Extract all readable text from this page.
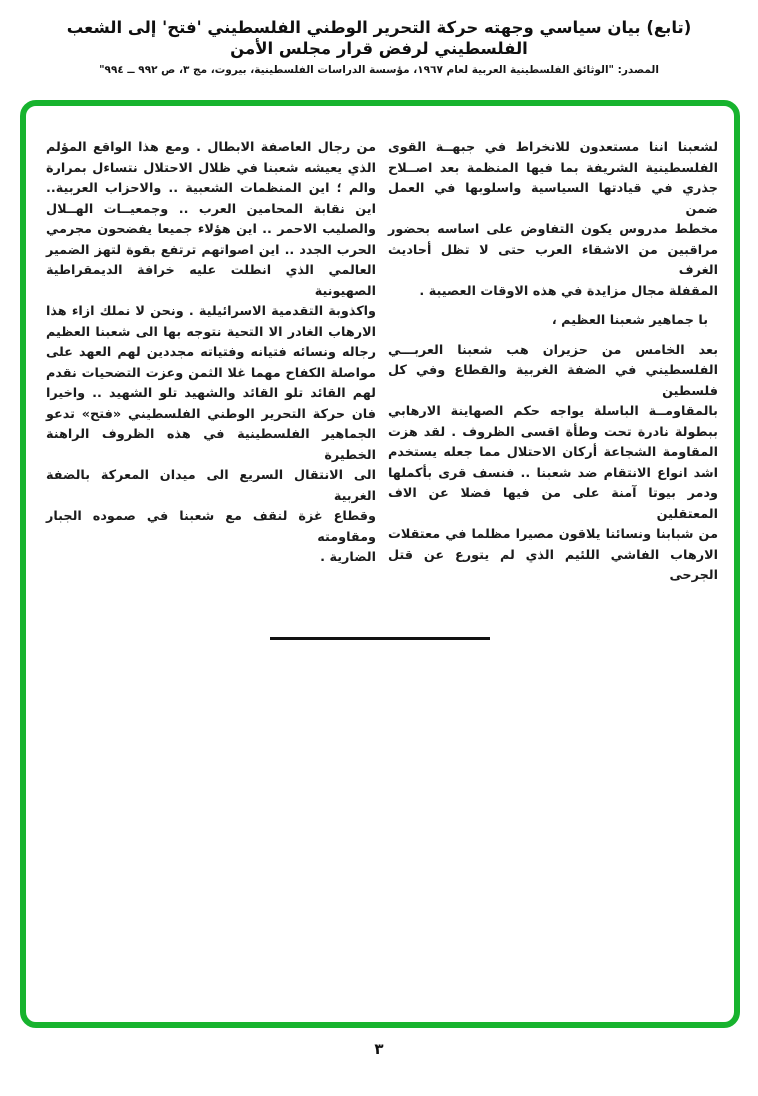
(تابع) بيان سياسي وجهته حركة التحرير الوطني الفلسطيني 'فتح' إلى الشعب الفلسطيني لرفض قرار مجلس الأمن
المصدر: "الوثائق الفلسطينية العربية لعام ١٩٦٧، مؤسسة الدراسات الفلسطينية، بيروت، مج ٣، ص ٩٩٢ ــ ٩٩٤"
لشعبنا اننا مستعدون للانخراط في جبهــة القوى
الفلسطينية الشريفة بما فيها المنظمة بعد اصــلاح
جذري في قيادتها السياسية واسلوبها في العمل ضمن
مخطط مدروس يكون التفاوض على اساسه بحضور
مراقبين من الاشقاء العرب حتى لا تظل أحاديث الغرف
المقفلة مجال مزايدة في هذه الاوقات العصيبة .
با جماهير شعبنا العظيم ،
بعد الخامس من حزيران هب شعبنا العربـــي
الفلسطيني في الضفة الغربية والقطاع وفي كل فلسطين
بالمقاومــة الباسلة يواجه حكم الصهاينة الارهابي
ببطولة نادرة تحت وطأة اقسى الظروف . لقد هزت
المقاومة الشجاعة أركان الاحتلال مما جعله يستخدم
اشد انواع الانتقام ضد شعبنا .. فنسف قرى بأكملها
ودمر بيوتا آمنة على من فيها فضلا عن الاف المعتقلين
من شبابنا ونسائنا يلاقون مصيرا مظلما في معتقلات
الارهاب الفاشي اللئيم الذي لم يتورع عن قتل الجرحى
من رجال العاصفة الابطال . ومع هذا الواقع المؤلم
الذي يعيشه شعبنا في ظلال الاحتلال نتساءل بمرارة
والم ؛ اين المنظمات الشعبية .. والاحزاب العربية..
اين نقابة المحامين العرب .. وجمعيــات الهــلال
والصليب الاحمر .. اين هؤلاء جميعا يفضحون مجرمي
الحرب الجدد .. اين اصواتهم ترتفع بقوة لتهز الضمير
العالمي الذي انطلت عليه خرافة الديمقراطية الصهيونية
واكذوبة التقدمية الاسرائيلية . ونحن لا نملك ازاء هذا
الارهاب الغادر الا التحية نتوجه بها الى شعبنا العظيم
رجاله ونسائه فتيانه وفتياته مجددين لهم العهد على
مواصلة الكفاح مهما غلا الثمن وعزت التضحيات نقدم
لهم القائد تلو القائد والشهيد تلو الشهيد .. واخيرا
فان حركة التحرير الوطني الفلسطيني «فتح» تدعو
الجماهير الفلسطينية في هذه الظروف الراهنة الخطيرة
الى الانتقال السريع الى ميدان المعركة بالضفة الغربية
وقطاع غزة لنقف مع شعبنا في صموده الجبار ومقاومته
الضارية .
٣
